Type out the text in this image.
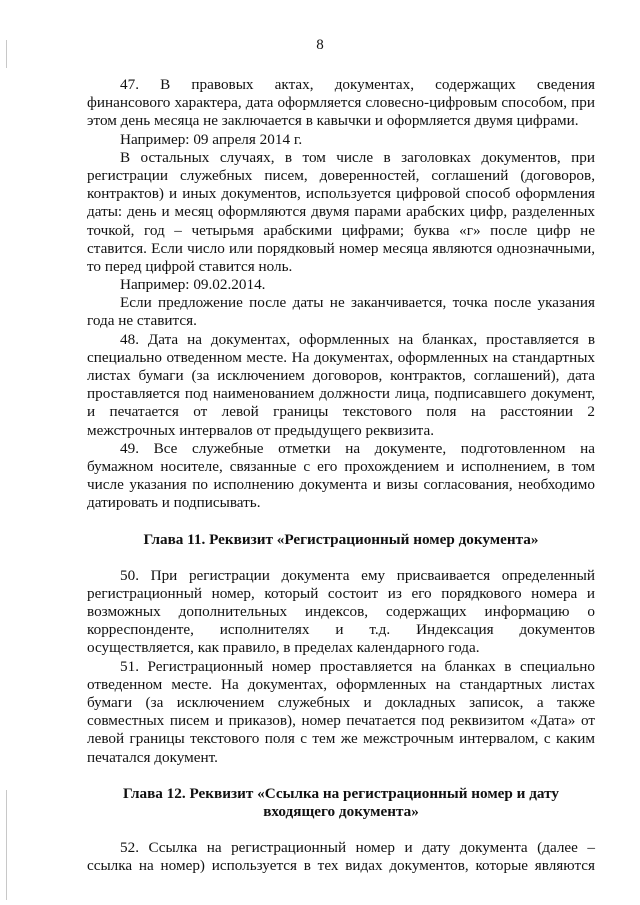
8
47. В правовых актах, документах, содержащих сведения
финансового характера, дата оформляется словесно-цифровым способом, при
этом день месяца не заключается в кавычки и оформляется двумя цифрами.
Например: 09 апреля 2014 г.
В остальных случаях, в том числе в заголовках документов, при
регистрации служебных писем, доверенностей, соглашений (договоров,
контрактов) и иных документов, используется цифровой способ оформления
даты: день и месяц оформляются двумя парами арабских цифр, разделенных
точкой, год – четырьмя арабскими цифрами; буква «г» после цифр не
ставится. Если число или порядковый номер месяца являются однозначными,
то перед цифрой ставится ноль.
Например: 09.02.2014.
Если предложение после даты не заканчивается, точка после указания
года не ставится.
48. Дата на документах, оформленных на бланках, проставляется в
специально отведенном месте. На документах, оформленных на стандартных
листах бумаги (за исключением договоров, контрактов, соглашений), дата
проставляется под наименованием должности лица, подписавшего документ,
и печатается от левой границы текстового поля на расстоянии 2
межстрочных интервалов от предыдущего реквизита.
49. Все служебные отметки на документе, подготовленном на
бумажном носителе, связанные с его прохождением и исполнением, в том
числе указания по исполнению документа и визы согласования, необходимо
датировать и подписывать.
Глава 11. Реквизит «Регистрационный номер документа»
50. При регистрации документа ему присваивается определенный
регистрационный номер, который состоит из его порядкового номера и
возможных дополнительных индексов, содержащих информацию о
корреспонденте, исполнителях и т.д. Индексация документов
осуществляется, как правило, в пределах календарного года.
51. Регистрационный номер проставляется на бланках в специально
отведенном месте. На документах, оформленных на стандартных листах
бумаги (за исключением служебных и докладных записок, а также
совместных писем и приказов), номер печатается под реквизитом «Дата» от
левой границы текстового поля с тем же межстрочным интервалом, с каким
печатался документ.
Глава 12. Реквизит «Ссылка на регистрационный номер и дату
входящего документа»
52. Ссылка на регистрационный номер и дату документа (далее –
ссылка на номер) используется в тех видах документов, которые являются
